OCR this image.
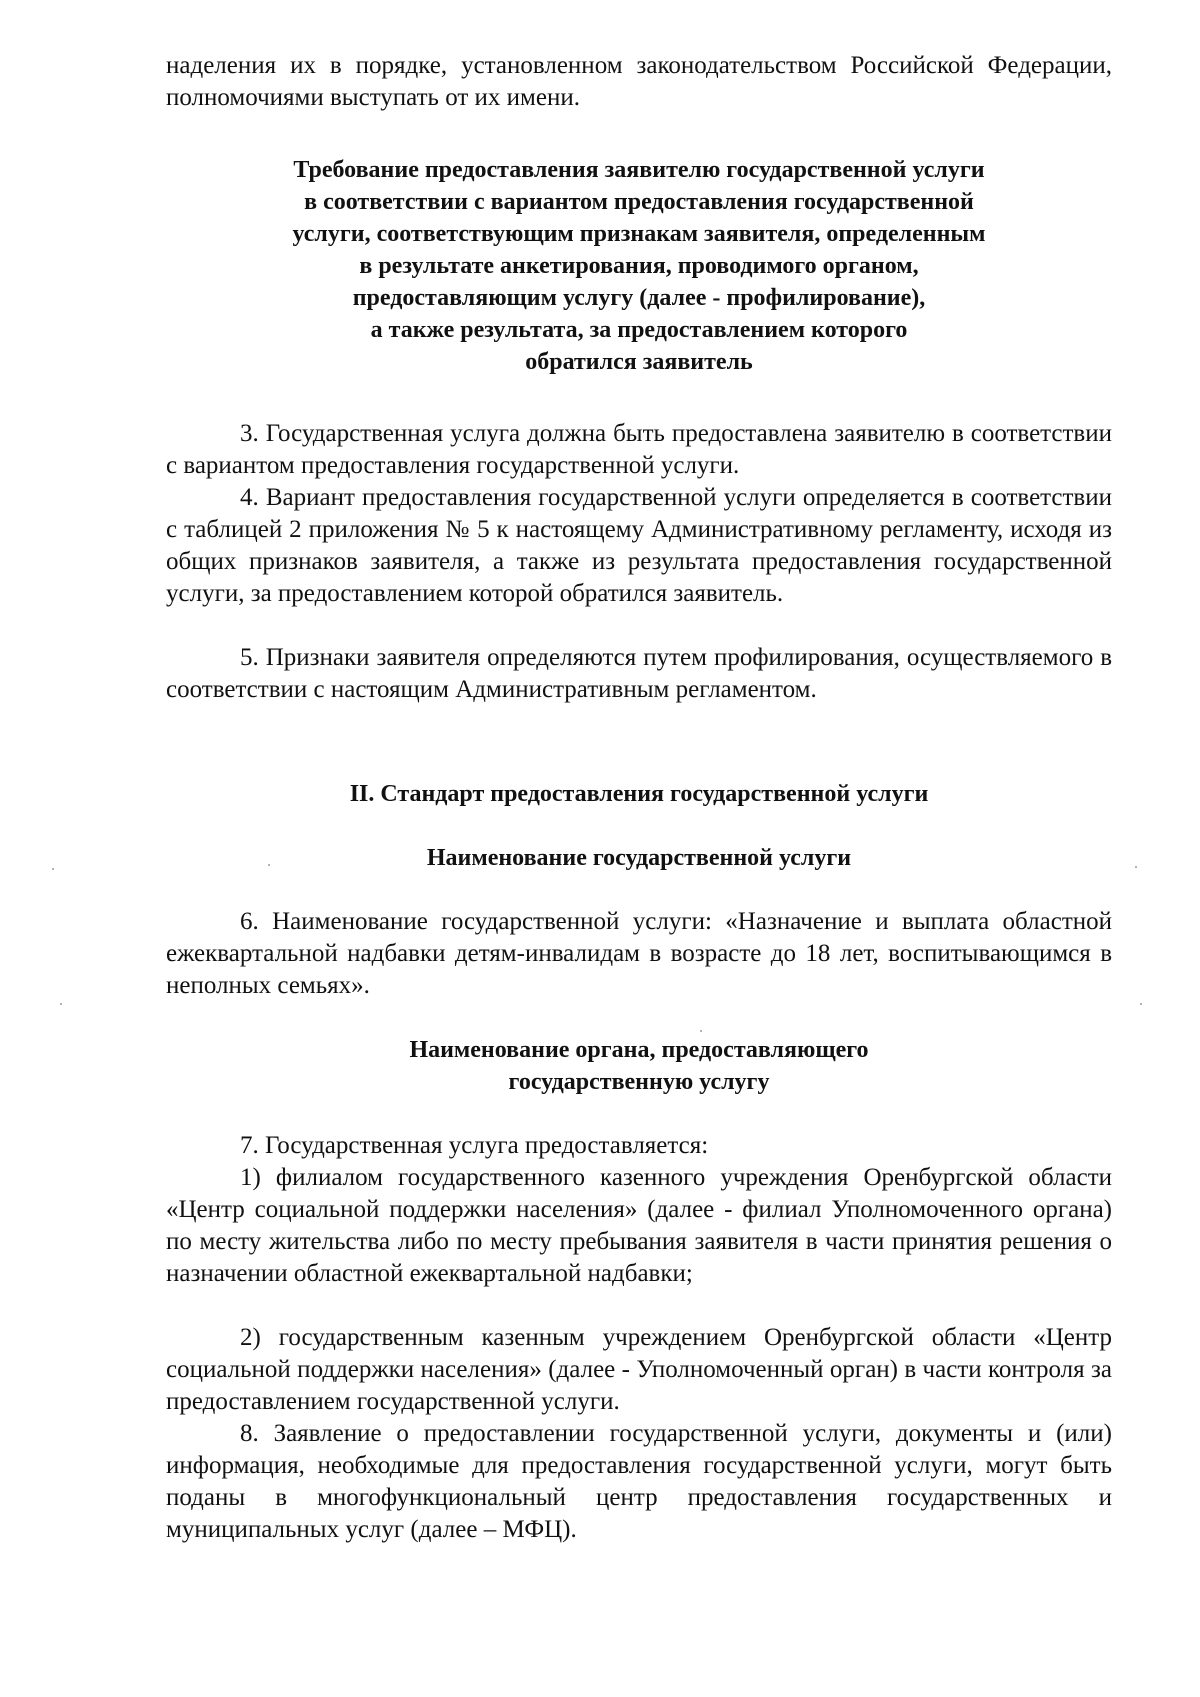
наделения их в порядке, установленном законодательством Российской Федерации, полномочиями выступать от их имени.

Требование предоставления заявителю государственной услуги
в соответствии с вариантом предоставления государственной
услуги, соответствующим признакам заявителя, определенным
в результате анкетирования, проводимого органом,
предоставляющим услугу (далее - профилирование),
а также результата, за предоставлением которого
обратился заявитель

3. Государственная услуга должна быть предоставлена заявителю в соответствии с вариантом предоставления государственной услуги.

4. Вариант предоставления государственной услуги определяется в соответствии с таблицей 2 приложения № 5 к настоящему Административному регламенту, исходя из общих признаков заявителя, а также из результата предоставления государственной услуги, за предоставлением которой обратился заявитель.

5. Признаки заявителя определяются путем профилирования, осуществляемого в соответствии с настоящим Административным регламентом.

II. Стандарт предоставления государственной услуги
Наименование государственной услуги

6. Наименование государственной услуги: «Назначение и выплата областной ежеквартальной надбавки детям-инвалидам в возрасте до 18 лет, воспитывающимся в неполных семьях».

Наименование органа, предоставляющего
государственную услугу

7. Государственная услуга предоставляется:

1) филиалом государственного казенного учреждения Оренбургской области «Центр социальной поддержки населения» (далее - филиал Уполномоченного органа) по месту жительства либо по месту пребывания заявителя в части принятия решения о назначении областной ежеквартальной надбавки;

2) государственным казенным учреждением Оренбургской области «Центр социальной поддержки населения» (далее - Уполномоченный орган) в части контроля за предоставлением государственной услуги.

8. Заявление о предоставлении государственной услуги, документы и (или) информация, необходимые для предоставления государственной услуги, могут быть поданы в многофункциональный центр предоставления государственных и муниципальных услуг (далее – МФЦ).
